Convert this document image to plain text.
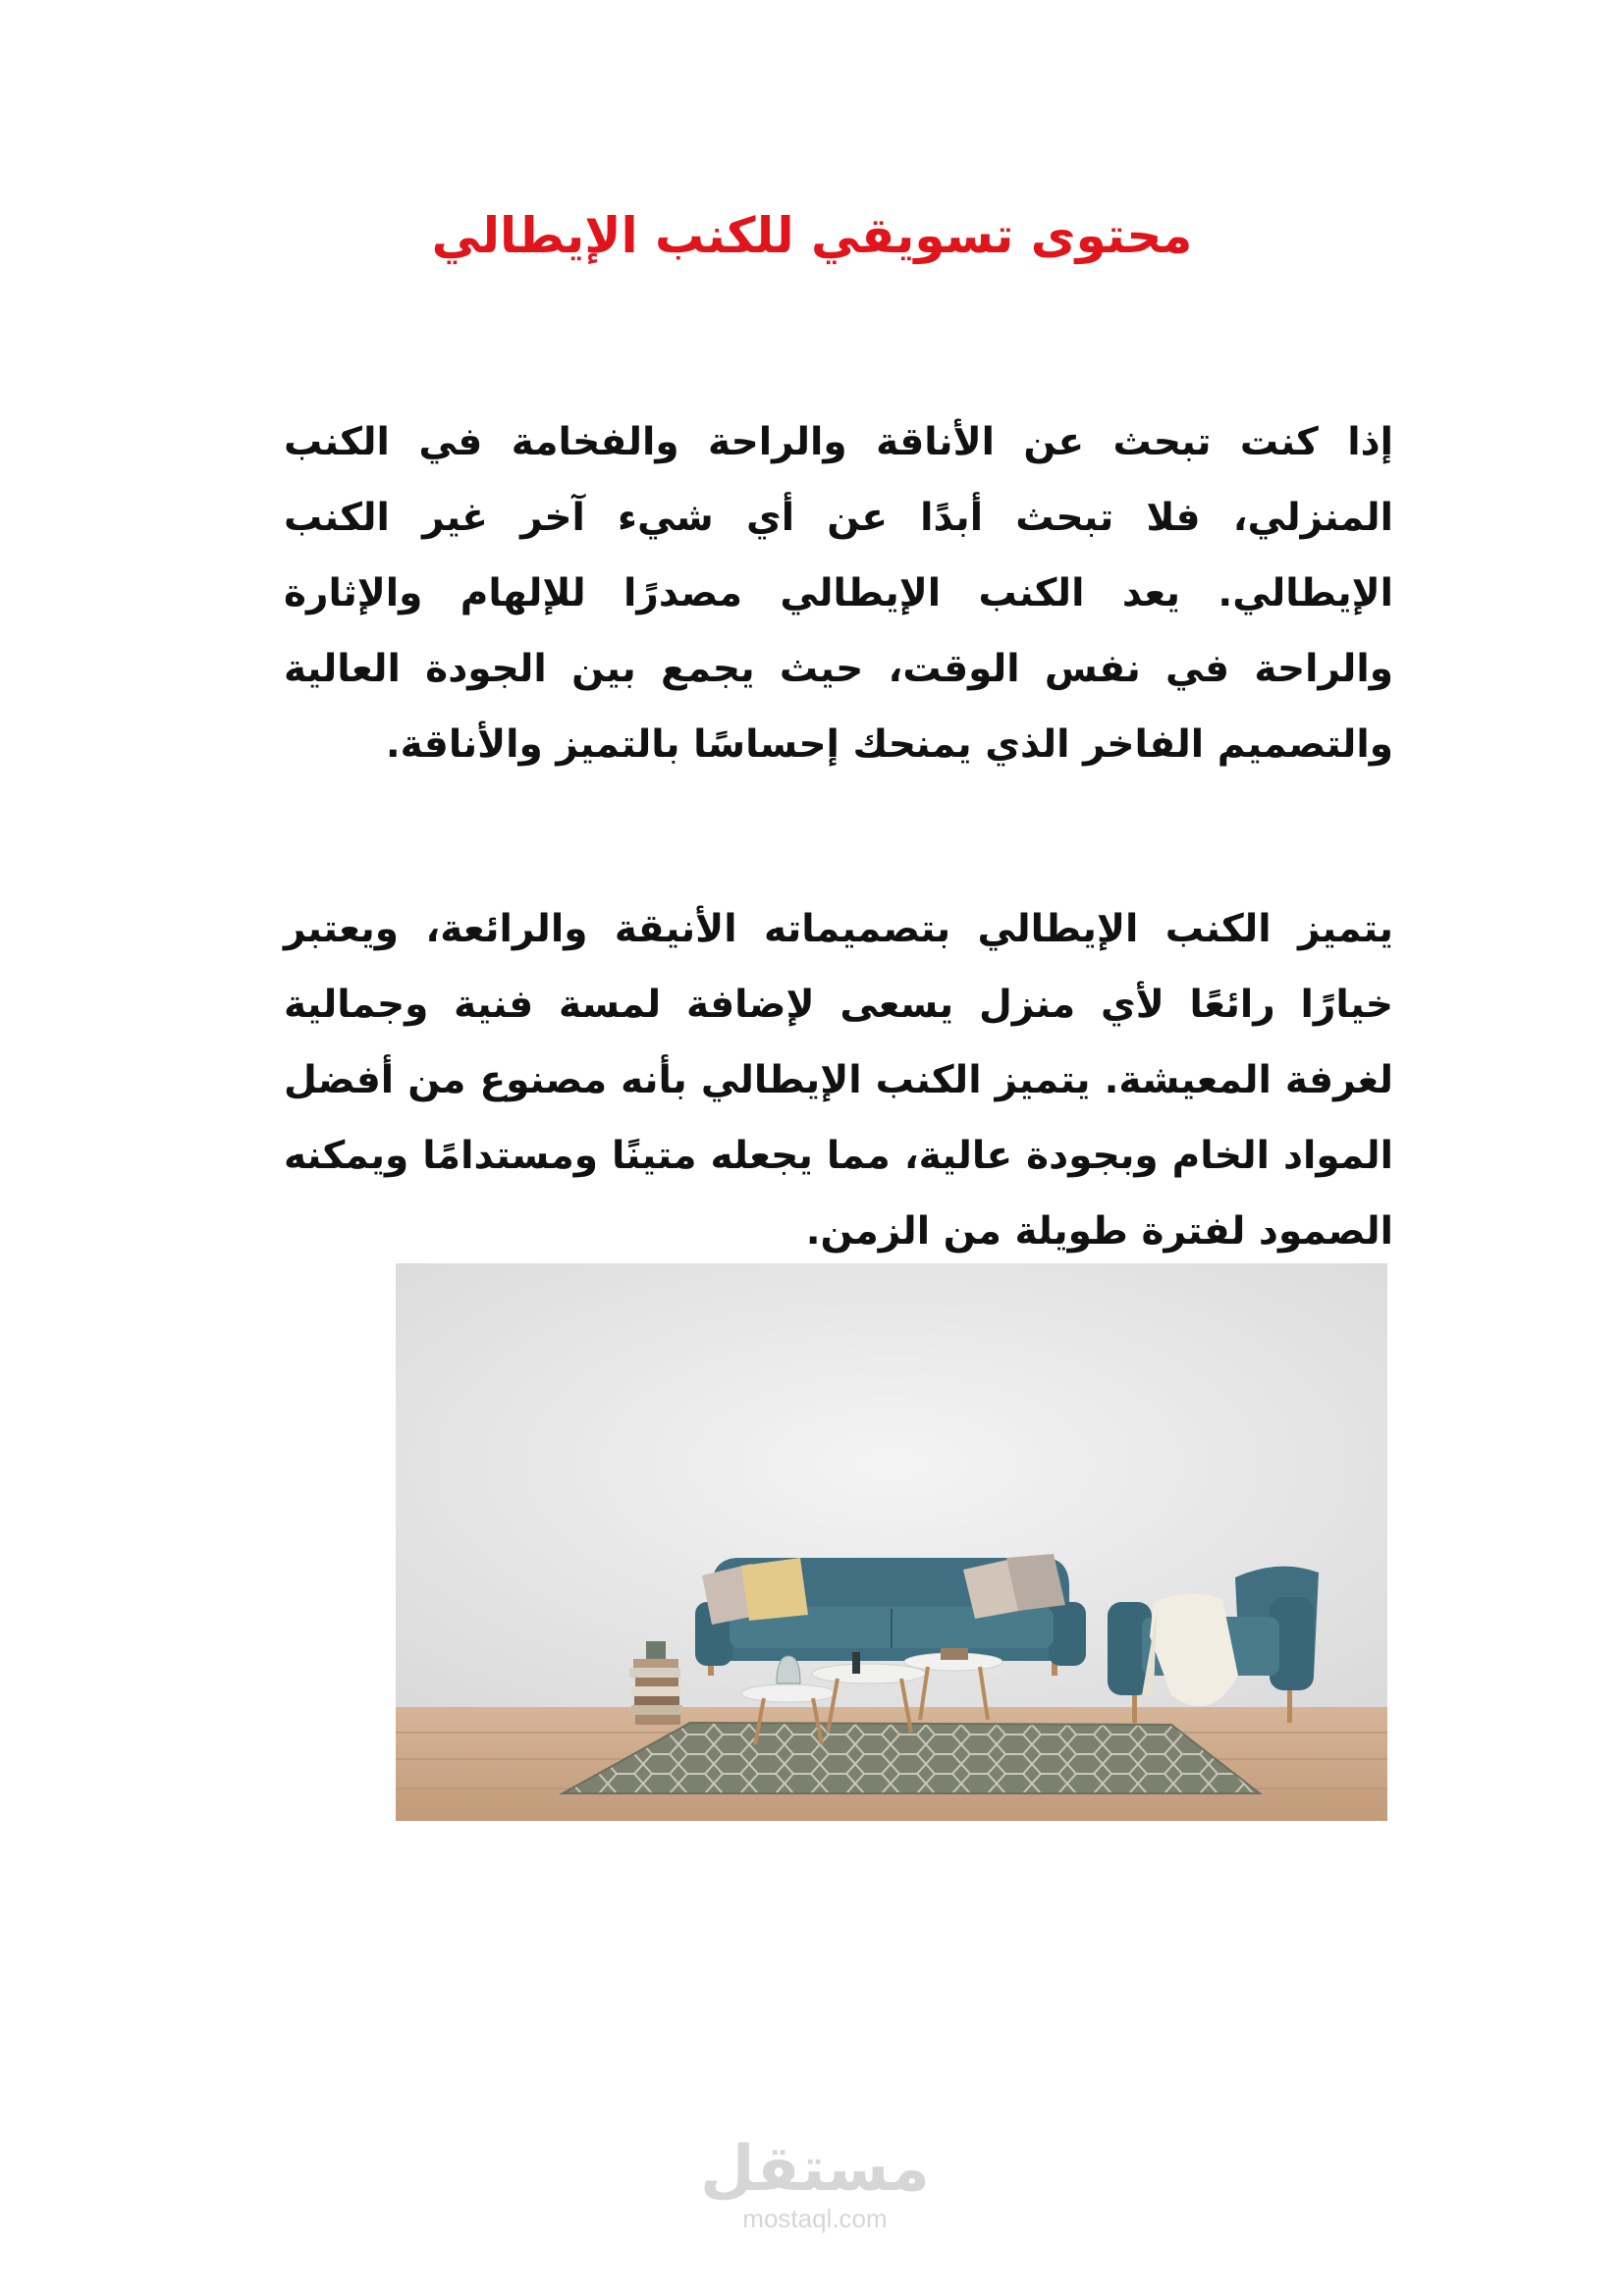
محتوى تسويقي للكنب الإيطالي

إذا كنت تبحث عن الأناقة والراحة والفخامة في الكنب المنزلي، فلا تبحث أبدًا عن أي شيء آخر غير الكنب الإيطالي. يعد الكنب الإيطالي مصدرًا للإلهام والإثارة والراحة في نفس الوقت، حيث يجمع بين الجودة العالية والتصميم الفاخر الذي يمنحك إحساسًا بالتميز والأناقة.

يتميز الكنب الإيطالي بتصميماته الأنيقة والرائعة، ويعتبر خيارًا رائعًا لأي منزل يسعى لإضافة لمسة فنية وجمالية لغرفة المعيشة. يتميز الكنب الإيطالي بأنه مصنوع من أفضل المواد الخام وبجودة عالية، مما يجعله متينًا ومستدامًا ويمكنه الصمود لفترة طويلة من الزمن.

مستقل
mostaql.com
